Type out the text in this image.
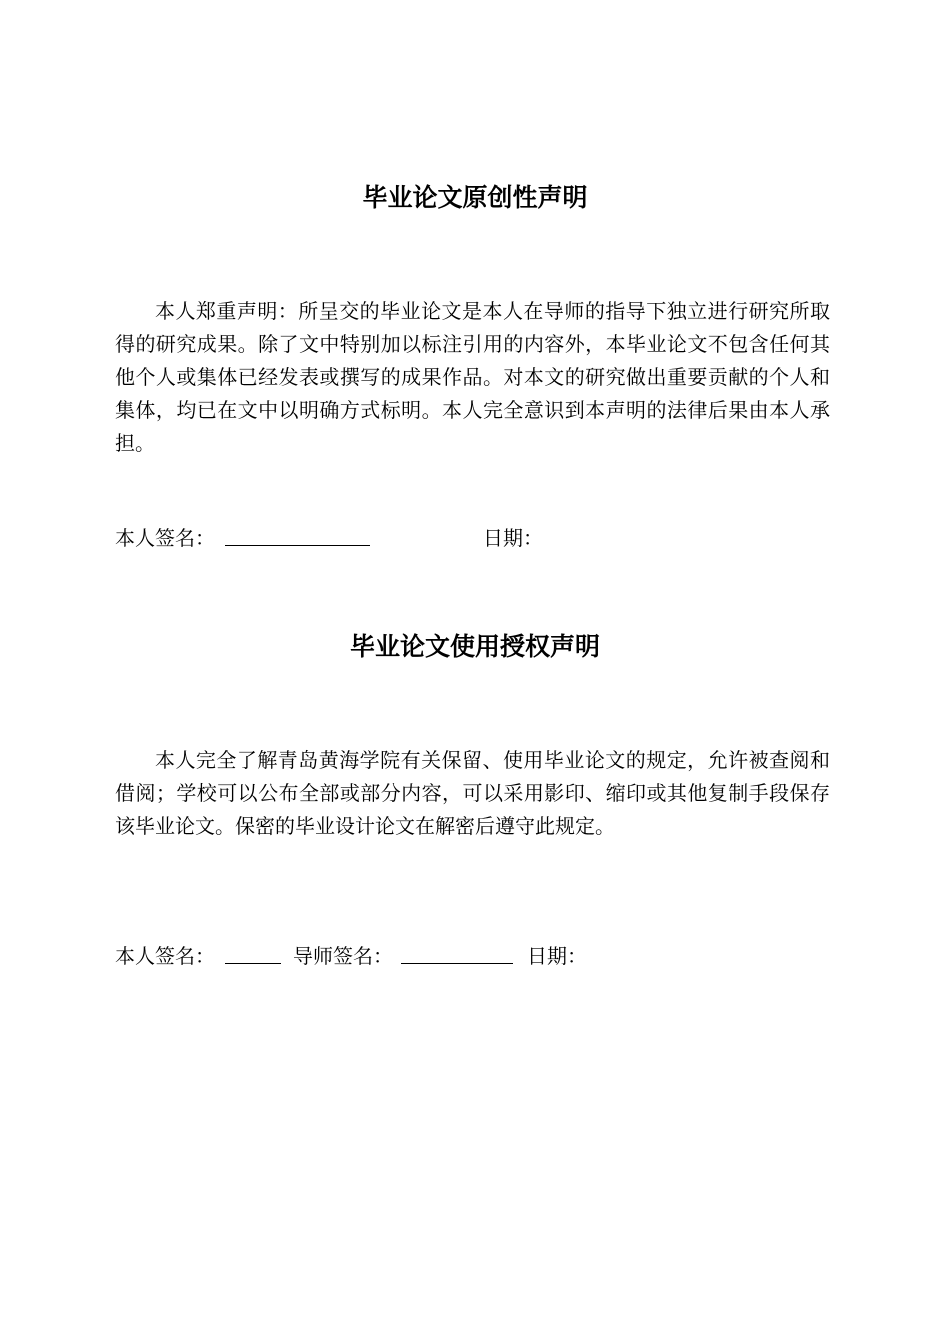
毕业论文原创性声明

本人郑重声明：所呈交的毕业论文是本人在导师的指导下独立进行研究所取得的研究成果。除了文中特别加以标注引用的内容外，本毕业论文不包含任何其他个人或集体已经发表或撰写的成果作品。对本文的研究做出重要贡献的个人和集体，均已在文中以明确方式标明。本人完全意识到本声明的法律后果由本人承担。

本人签名：	日期：
毕业论文使用授权声明

本人完全了解青岛黄海学院有关保留、使用毕业论文的规定，允许被查阅和借阅；学校可以公布全部或部分内容，可以采用影印、缩印或其他复制手段保存该毕业论文。保密的毕业设计论文在解密后遵守此规定。

本人签名：	导师签名：	日期：
